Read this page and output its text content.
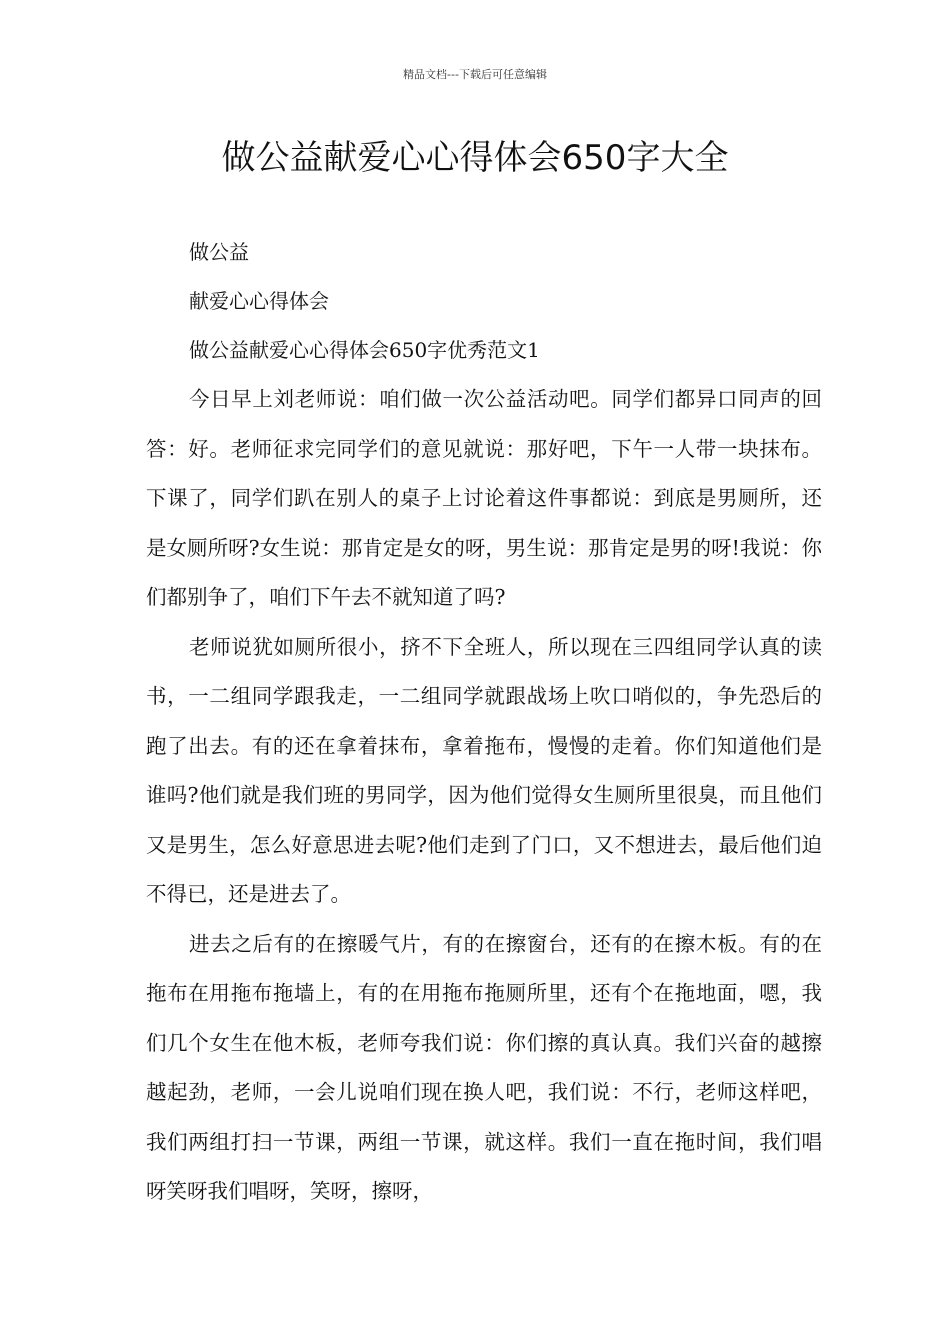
精品文档---下载后可任意编辑
做公益献爱心心得体会650字大全
做公益
献爱心心得体会
做公益献爱心心得体会650字优秀范文1

今日早上刘老师说：咱们做一次公益活动吧。同学们都异口同声的回答：好。老师征求完同学们的意见就说：那好吧，下午一人带一块抹布。下课了，同学们趴在别人的桌子上讨论着这件事都说：到底是男厕所，还是女厕所呀?女生说：那肯定是女的呀，男生说：那肯定是男的呀!我说：你们都别争了，咱们下午去不就知道了吗?

老师说犹如厕所很小，挤不下全班人，所以现在三四组同学认真的读书，一二组同学跟我走，一二组同学就跟战场上吹口哨似的，争先恐后的跑了出去。有的还在拿着抹布，拿着拖布，慢慢的走着。你们知道他们是谁吗?他们就是我们班的男同学，因为他们觉得女生厕所里很臭，而且他们又是男生，怎么好意思进去呢?他们走到了门口，又不想进去，最后他们迫不得已，还是进去了。

进去之后有的在擦暖气片，有的在擦窗台，还有的在擦木板。有的在拖布在用拖布拖墙上，有的在用拖布拖厕所里，还有个在拖地面，嗯，我们几个女生在他木板，老师夸我们说：你们擦的真认真。我们兴奋的越擦越起劲，老师，一会儿说咱们现在换人吧，我们说：不行，老师这样吧，我们两组打扫一节课，两组一节课，就这样。我们一直在拖时间，我们唱呀笑呀我们唱呀，笑呀，擦呀，
